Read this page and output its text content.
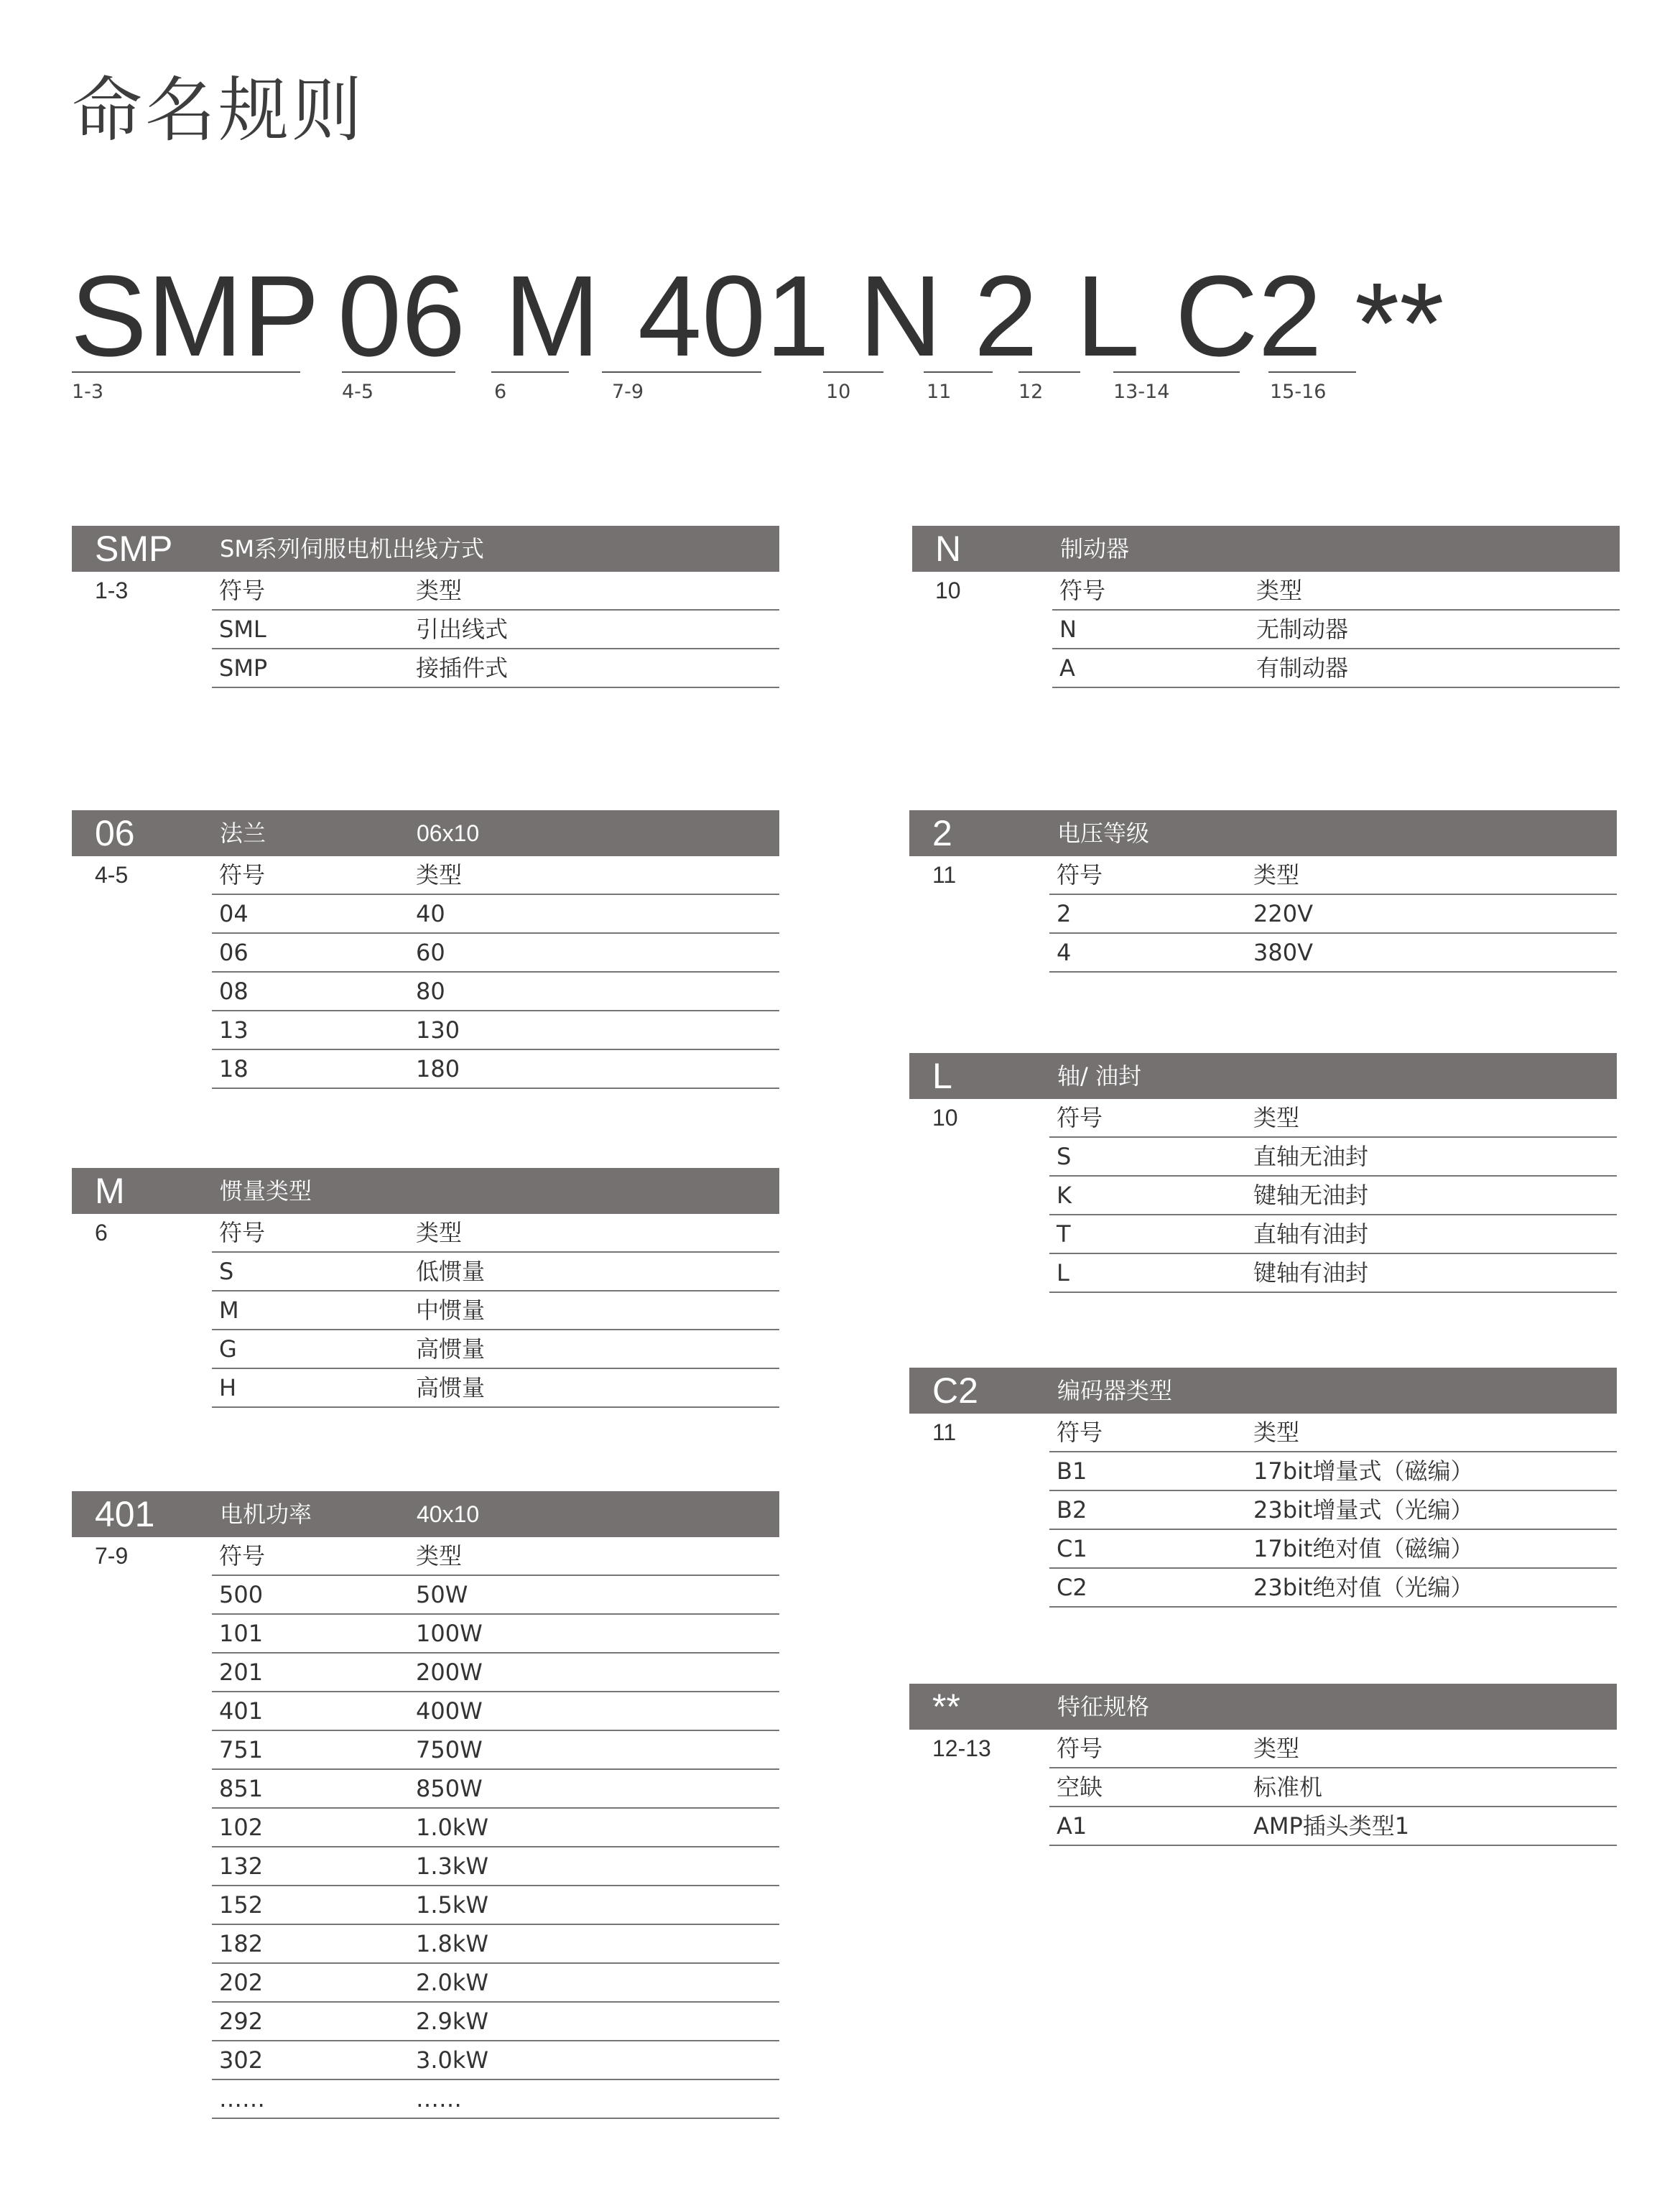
命名规则
SMP 06 M 401 N 2 L C2 **
1-3	4-5	6	7-9	10	11	12	13-14	15-16
SMP SM系列伺服电机出线方式
1-3	符号	类型
SML	引出线式
SMP	接插件式
06	法兰	06x10
4-5	符号	类型
04	40
06	60
08	80
13	130
18	180
M	惯量类型
6	符号	类型
S	低惯量
M	中惯量
G	高惯量
H	高惯量
401	电机功率	40x10
7-9	符号	类型
500	50W
101	100W
201	200W
401	400W
751	750W
851	850W
102	1.0kW
132	1.3kW
152	1.5kW
182	1.8kW
202	2.0kW
292	2.9kW
302	3.0kW
……	……
N	制动器
10	符号	类型
N	无制动器
A	有制动器
2	电压等级
11	符号	类型
2	220V
4	380V
L	轴/ 油封
10	符号	类型
S	直轴无油封
K	键轴无油封
T	直轴有油封
L	键轴有油封
C2	编码器类型
11	符号	类型
B1	17bit增量式（磁编）
B2	23bit增量式（光编）
C1	17bit绝对值（磁编）
C2	23bit绝对值（光编）
**	特征规格
12-13	符号	类型
空缺	标准机
A1	AMP插头类型1
